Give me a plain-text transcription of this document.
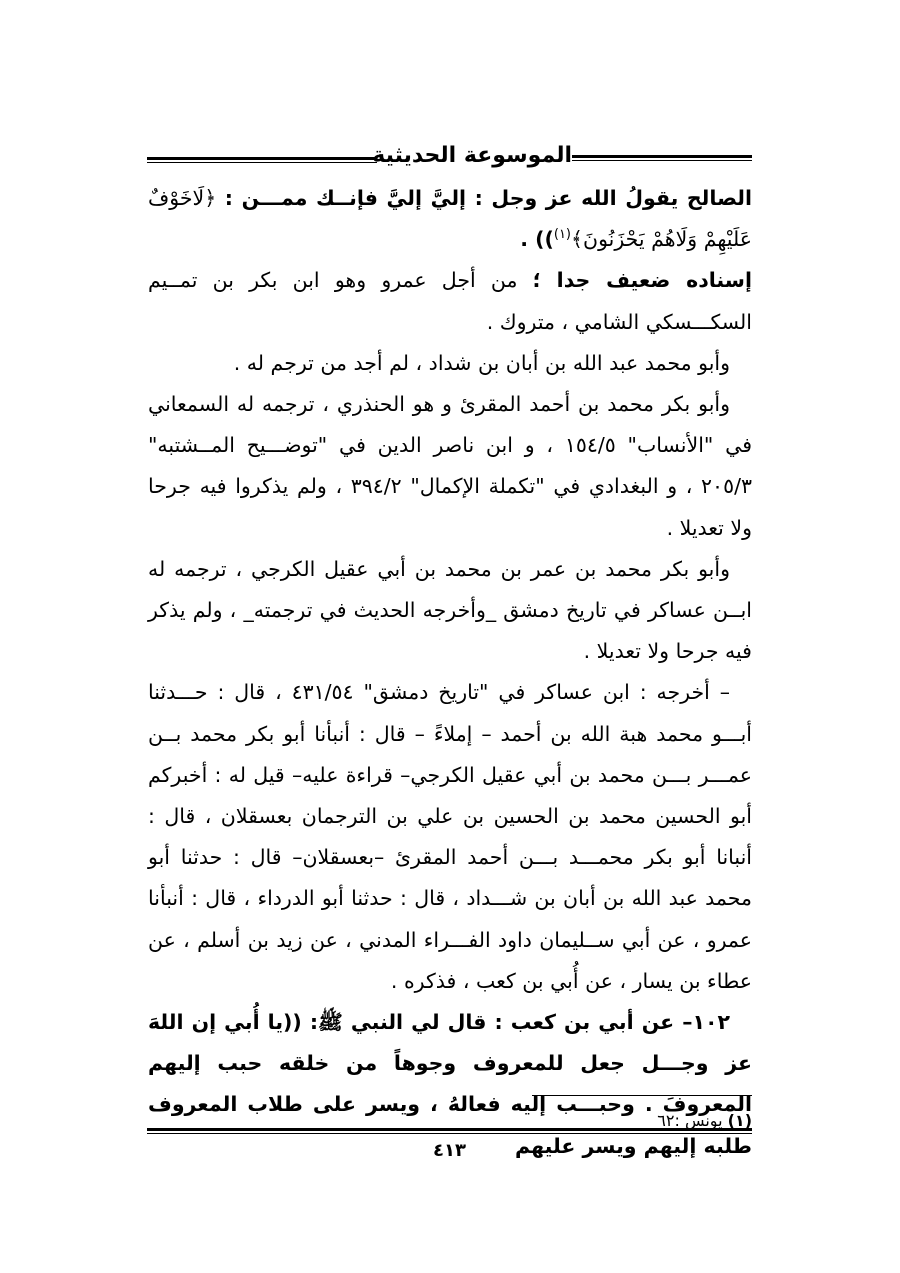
الموسوعة الحديثية

الصالح يقولُ الله عز وجل : إليَّ إليَّ فإنــك ممـــن : ﴿لَاخَوْفٌ عَلَيْهِمْ وَلَاهُمْ يَحْزَنُونَ﴾$^{(١)}$)) .

إسناده ضعيف جدا ؛ من أجل عمرو وهو ابن بكر بن تمــيم السكـــسكي الشامي ، متروك .

وأبو محمد عبد الله بن أبان بن شداد ، لم أجد من ترجم له .

وأبو بكر محمد بن أحمد المقرئ و هو الحنذري ، ترجمه له السمعاني في "الأنساب" ١٥٤/٥ ، و ابن ناصر الدين في "توضـــيح المــشتبه" ٢٠٥/٣ ، و البغدادي في "تكملة الإكمال" ٣٩٤/٢ ، ولم يذكروا فيه جرحا ولا تعديلا .

وأبو بكر محمد بن عمر بن محمد بن أبي عقيل الكرجي ، ترجمه له ابــن عساكر في تاريخ دمشق _وأخرجه الحديث في ترجمته_ ، ولم يذكر فيه جرحا ولا تعديلا .

– أخرجه : ابن عساكر في "تاريخ دمشق" ٤٣١/٥٤ ، قال : حـــدثنا أبـــو محمد هبة الله بن أحمد – إملاءً – قال : أنبأنا أبو بكر محمد بــن عمـــر بـــن محمد بن أبي عقيل الكرجي– قراءة عليه– قيل له : أخبركم أبو الحسين محمد بن الحسين بن علي بن الترجمان بعسقلان ، قال : أنبانا أبو بكر محمـــد بـــن أحمد المقرئ –بعسقلان– قال : حدثنا أبو محمد عبد الله بن أبان بن شـــداد ، قال : حدثنا أبو الدرداء ، قال : أنبأنا عمرو ، عن أبي ســليمان داود الفـــراء المدني ، عن زيد بن أسلم ، عن عطاء بن يسار ، عن أُبي بن كعب ، فذكره .

١٠٢– عن أبي بن كعب : قال لي النبي ﷺ: ((يا أُبي إن اللهَ عز وجـــل جعل للمعروف وجوهاً من خلقه حبب إليهم المعروفَ . وحبـــب إليه فعالهُ ، ويسر على طلاب المعروف طلبه إليهم ويسر عليهم

(١) يونس :٦٢
٤١٣
